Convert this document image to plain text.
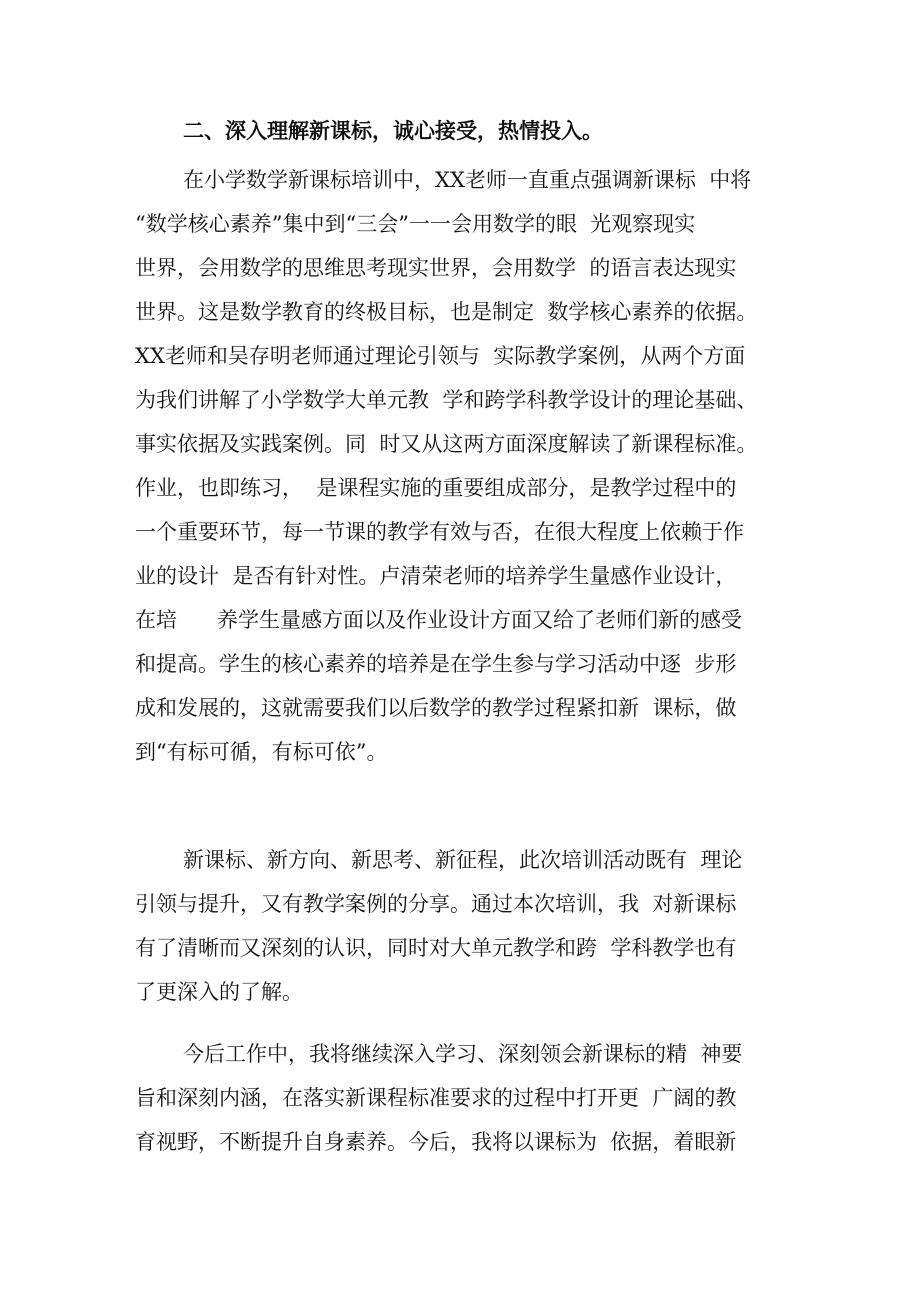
二、深入理解新课标，诚心接受，热情投入。
在小学数学新课标培训中，XX老师一直重点强调新课标  中将
“数学核心素养”集中到“三会”一一会用数学的眼  光观察现实
世界，会用数学的思维思考现实世界，会用数学  的语言表达现实
世界。这是数学教育的终极目标，也是制定  数学核心素养的依据。
XX老师和吴存明老师通过理论引领与  实际教学案例，从两个方面
为我们讲解了小学数学大单元教  学和跨学科教学设计的理论基础、
事实依据及实践案例。同  时又从这两方面深度解读了新课程标准。
作业，也即练习，  是课程实施的重要组成部分，是教学过程中的
一个重要环节，每一节课的教学有效与否，在很大程度上依赖于作
业的设计  是否有针对性。卢清荣老师的培养学生量感作业设计，
在培      养学生量感方面以及作业设计方面又给了老师们新的感受
和提高。学生的核心素养的培养是在学生参与学习活动中逐  步形
成和发展的，这就需要我们以后数学的教学过程紧扣新  课标，做
到“有标可循，有标可依”。
新课标、新方向、新思考、新征程，此次培训活动既有  理论
引领与提升，又有教学案例的分享。通过本次培训，我  对新课标
有了清晰而又深刻的认识，同时对大单元教学和跨  学科教学也有
了更深入的了解。
今后工作中，我将继续深入学习、深刻领会新课标的精  神要
旨和深刻内涵，在落实新课程标准要求的过程中打开更  广阔的教
育视野，不断提升自身素养。今后，我将以课标为  依据，着眼新
